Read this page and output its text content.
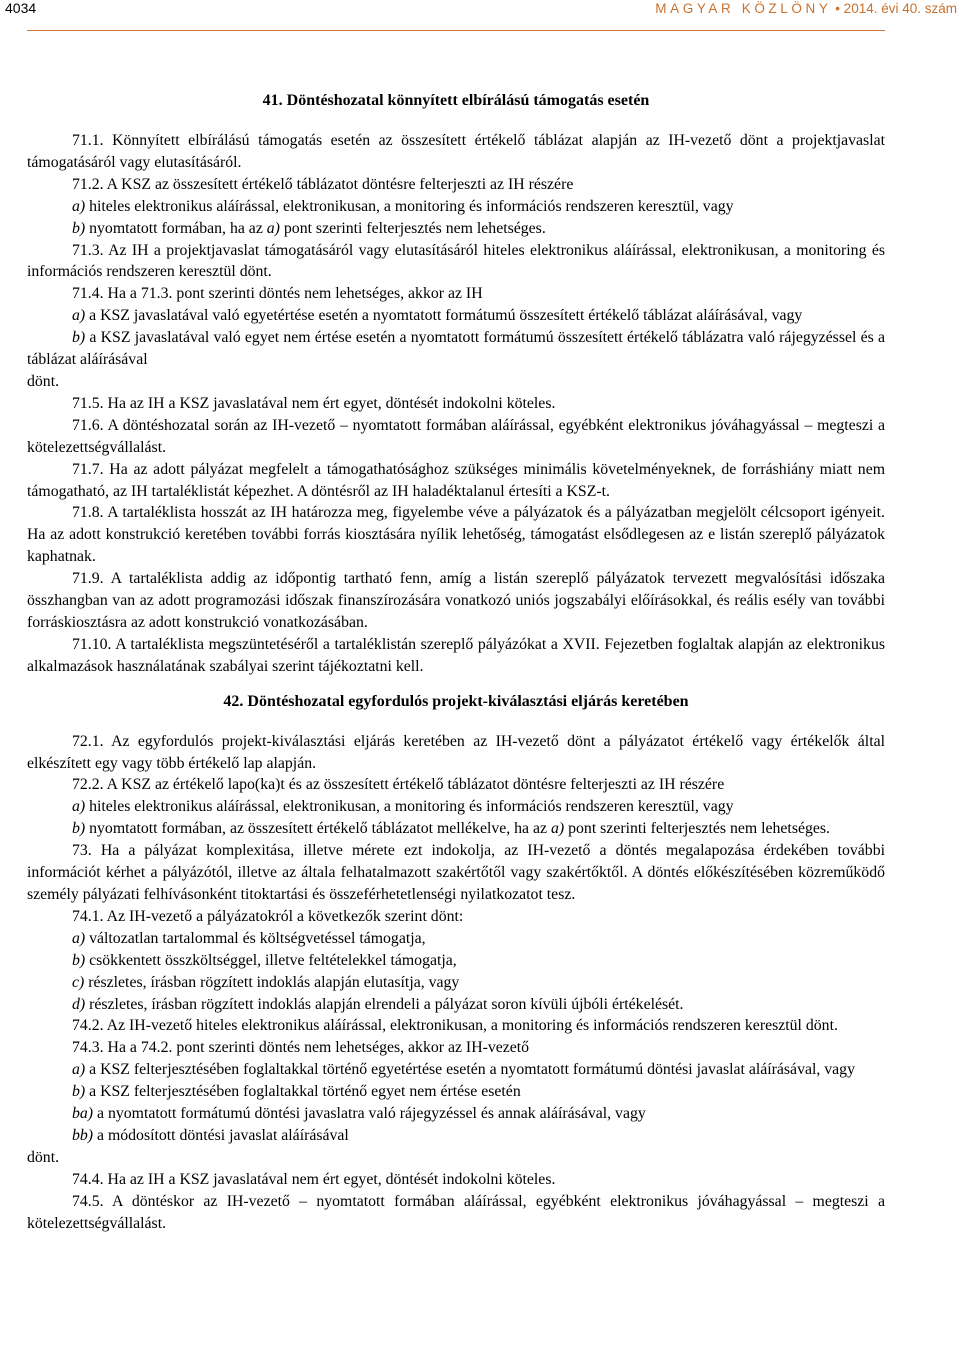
4034	MAGYAR KÖZLÖNY • 2014. évi 40. szám
41. Döntéshozatal könnyített elbírálású támogatás esetén

71.1. Könnyített elbírálású támogatás esetén az összesített értékelő táblázat alapján az IH-vezető dönt a projektjavaslat támogatásáról vagy elutasításáról.

71.2. A KSZ az összesített értékelő táblázatot döntésre felterjeszti az IH részére

a) hiteles elektronikus aláírással, elektronikusan, a monitoring és információs rendszeren keresztül, vagy

b) nyomtatott formában, ha az a) pont szerinti felterjesztés nem lehetséges.

71.3. Az IH a projektjavaslat támogatásáról vagy elutasításáról hiteles elektronikus aláírással, elektronikusan, a monitoring és információs rendszeren keresztül dönt.

71.4. Ha a 71.3. pont szerinti döntés nem lehetséges, akkor az IH

a) a KSZ javaslatával való egyetértése esetén a nyomtatott formátumú összesített értékelő táblázat aláírásával, vagy

b) a KSZ javaslatával való egyet nem értése esetén a nyomtatott formátumú összesített értékelő táblázatra való rájegyzéssel és a táblázat aláírásával

dönt.

71.5. Ha az IH a KSZ javaslatával nem ért egyet, döntését indokolni köteles.

71.6. A döntéshozatal során az IH-vezető – nyomtatott formában aláírással, egyébként elektronikus jóváhagyással – megteszi a kötelezettségvállalást.

71.7. Ha az adott pályázat megfelelt a támogathatósághoz szükséges minimális követelményeknek, de forráshiány miatt nem támogatható, az IH tartaléklistát képezhet. A döntésről az IH haladéktalanul értesíti a KSZ-t.

71.8. A tartaléklista hosszát az IH határozza meg, figyelembe véve a pályázatok és a pályázatban megjelölt célcsoport igényeit. Ha az adott konstrukció keretében további forrás kiosztására nyílik lehetőség, támogatást elsődlegesen az e listán szereplő pályázatok kaphatnak.

71.9. A tartaléklista addig az időpontig tartható fenn, amíg a listán szereplő pályázatok tervezett megvalósítási időszaka összhangban van az adott programozási időszak finanszírozására vonatkozó uniós jogszabályi előírásokkal, és reális esély van további forráskiosztásra az adott konstrukció vonatkozásában.

71.10. A tartaléklista megszüntetéséről a tartaléklistán szereplő pályázókat a XVII. Fejezetben foglaltak alapján az elektronikus alkalmazások használatának szabályai szerint tájékoztatni kell.

42. Döntéshozatal egyfordulós projekt-kiválasztási eljárás keretében

72.1. Az egyfordulós projekt-kiválasztási eljárás keretében az IH-vezető dönt a pályázatot értékelő vagy értékelők által elkészített egy vagy több értékelő lap alapján.

72.2. A KSZ az értékelő lapo(ka)t és az összesített értékelő táblázatot döntésre felterjeszti az IH részére

a) hiteles elektronikus aláírással, elektronikusan, a monitoring és információs rendszeren keresztül, vagy

b) nyomtatott formában, az összesített értékelő táblázatot mellékelve, ha az a) pont szerinti felterjesztés nem lehetséges.

73. Ha a pályázat komplexitása, illetve mérete ezt indokolja, az IH-vezető a döntés megalapozása érdekében további információt kérhet a pályázótól, illetve az általa felhatalmazott szakértőtől vagy szakértőktől. A döntés előkészítésében közreműködő személy pályázati felhívásonként titoktartási és összeférhetetlenségi nyilatkozatot tesz.

74.1. Az IH-vezető a pályázatokról a következők szerint dönt:

a) változatlan tartalommal és költségvetéssel támogatja,

b) csökkentett összköltséggel, illetve feltételekkel támogatja,

c) részletes, írásban rögzített indoklás alapján elutasítja, vagy

d) részletes, írásban rögzített indoklás alapján elrendeli a pályázat soron kívüli újbóli értékelését.

74.2. Az IH-vezető hiteles elektronikus aláírással, elektronikusan, a monitoring és információs rendszeren keresztül dönt.

74.3. Ha a 74.2. pont szerinti döntés nem lehetséges, akkor az IH-vezető

a) a KSZ felterjesztésében foglaltakkal történő egyetértése esetén a nyomtatott formátumú döntési javaslat aláírásával, vagy

b) a KSZ felterjesztésében foglaltakkal történő egyet nem értése esetén

ba) a nyomtatott formátumú döntési javaslatra való rájegyzéssel és annak aláírásával, vagy

bb) a módosított döntési javaslat aláírásával

dönt.

74.4. Ha az IH a KSZ javaslatával nem ért egyet, döntését indokolni köteles.

74.5. A döntéskor az IH-vezető – nyomtatott formában aláírással, egyébként elektronikus jóváhagyással – megteszi a kötelezettségvállalást.
